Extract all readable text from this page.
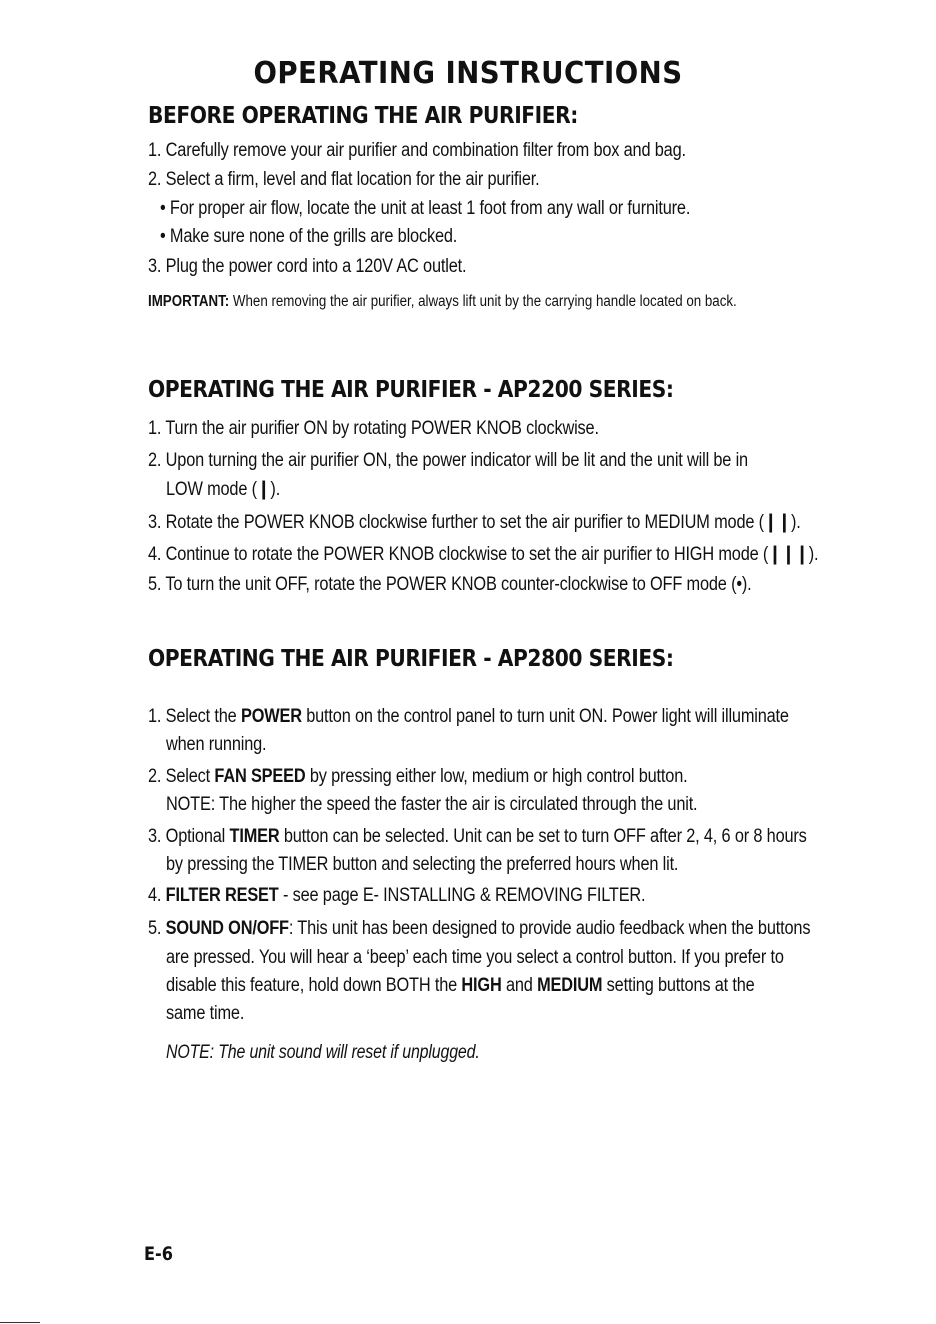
OPERATING INSTRUCTIONS
BEFORE OPERATING THE AIR PURIFIER:
1. Carefully remove your air purifier and combination filter from box and bag.
2. Select a firm, level and flat location for the air purifier.
• For proper air flow, locate the unit at least 1 foot from any wall or furniture.
• Make sure none of the grills are blocked.
3. Plug the power cord into a 120V AC outlet.
IMPORTANT: When removing the air purifier, always lift unit by the carrying handle located on back.
OPERATING THE AIR PURIFIER - AP2200 SERIES:
1. Turn the air purifier ON by rotating POWER KNOB clockwise.
2. Upon turning the air purifier ON, the power indicator will be lit and the unit will be in
LOW mode (❙).
3. Rotate the POWER KNOB clockwise further to set the air purifier to MEDIUM mode (❙❙).
4. Continue to rotate the POWER KNOB clockwise to set the air purifier to HIGH mode (❙❙❙).
5. To turn the unit OFF, rotate the POWER KNOB counter-clockwise to OFF mode (•).
OPERATING THE AIR PURIFIER - AP2800 SERIES:
1. Select the POWER button on the control panel to turn unit ON. Power light will illuminate
when running.
2. Select FAN SPEED by pressing either low, medium or high control button.
NOTE: The higher the speed the faster the air is circulated through the unit.
3. Optional TIMER button can be selected. Unit can be set to turn OFF after 2, 4, 6 or 8 hours
by pressing the TIMER button and selecting the preferred hours when lit.
4. FILTER RESET - see page E- INSTALLING & REMOVING FILTER.
5. SOUND ON/OFF: This unit has been designed to provide audio feedback when the buttons
are pressed. You will hear a ‘beep’ each time you select a control button. If you prefer to
disable this feature, hold down BOTH the HIGH and MEDIUM setting buttons at the
same time.
NOTE: The unit sound will reset if unplugged.
E-6
